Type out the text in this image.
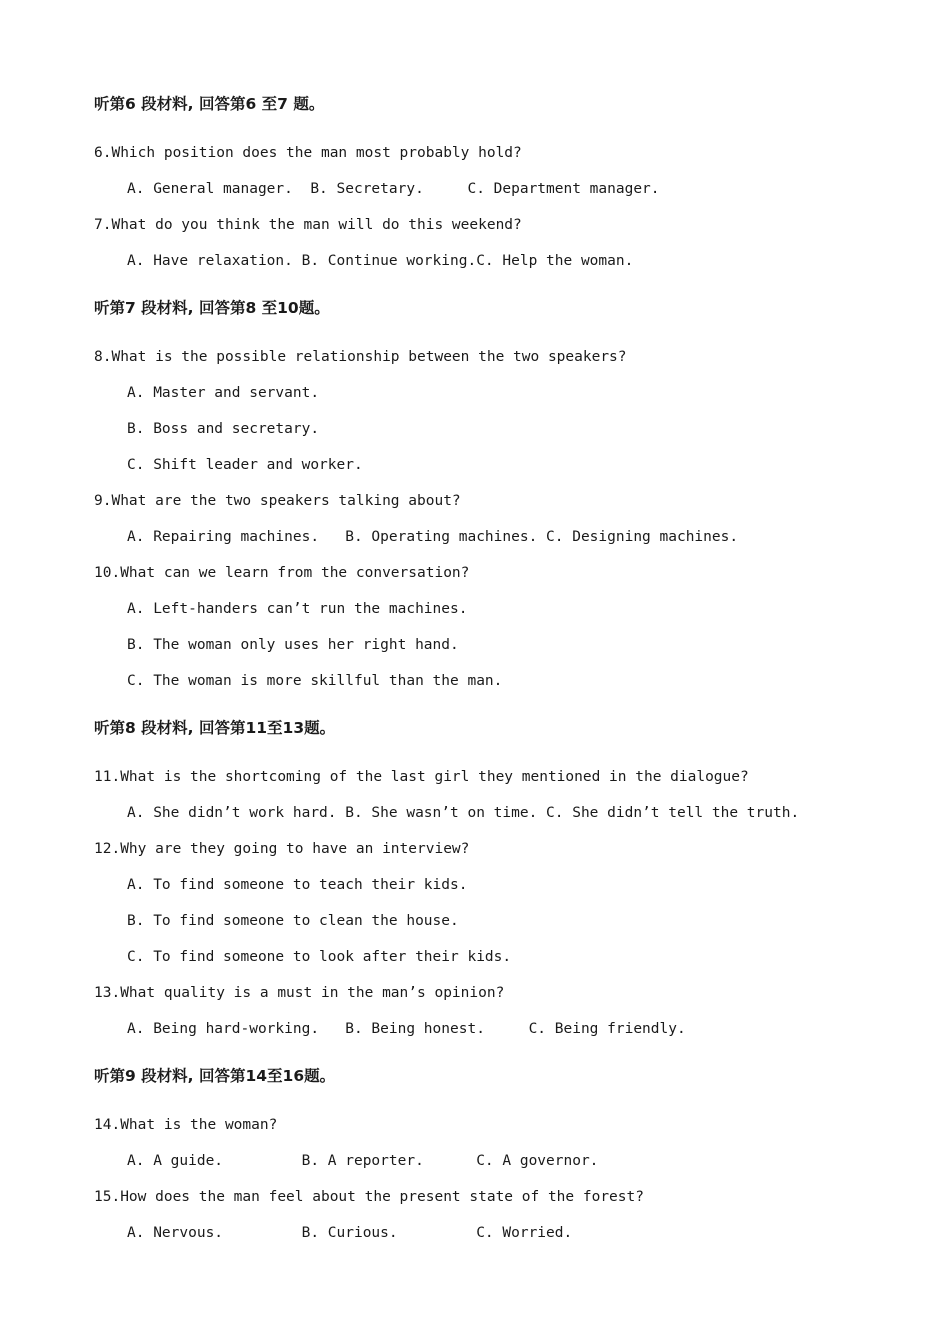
听第6 段材料, 回答第6 至7 题。
6.Which position does the man most probably hold?
A. General manager.  B. Secretary.     C. Department manager.
7.What do you think the man will do this weekend?
A. Have relaxation. B. Continue working.C. Help the woman.
听第7 段材料, 回答第8 至10题。
8.What is the possible relationship between the two speakers?
A. Master and servant.
B. Boss and secretary.
C. Shift leader and worker.
9.What are the two speakers talking about?
A. Repairing machines.   B. Operating machines. C. Designing machines.
10.What can we learn from the conversation?
A. Left-handers can’t run the machines.
B. The woman only uses her right hand.
C. The woman is more skillful than the man.
听第8 段材料, 回答第11至13题。
11.What is the shortcoming of the last girl they mentioned in the dialogue?
A. She didn’t work hard. B. She wasn’t on time. C. She didn’t tell the truth.
12.Why are they going to have an interview?
A. To find someone to teach their kids.
B. To find someone to clean the house.
C. To find someone to look after their kids.
13.What quality is a must in the man’s opinion?
A. Being hard-working.   B. Being honest.     C. Being friendly.
听第9 段材料, 回答第14至16题。
14.What is the woman?
A. A guide.         B. A reporter.      C. A governor.
15.How does the man feel about the present state of the forest?
A. Nervous.         B. Curious.         C. Worried.
